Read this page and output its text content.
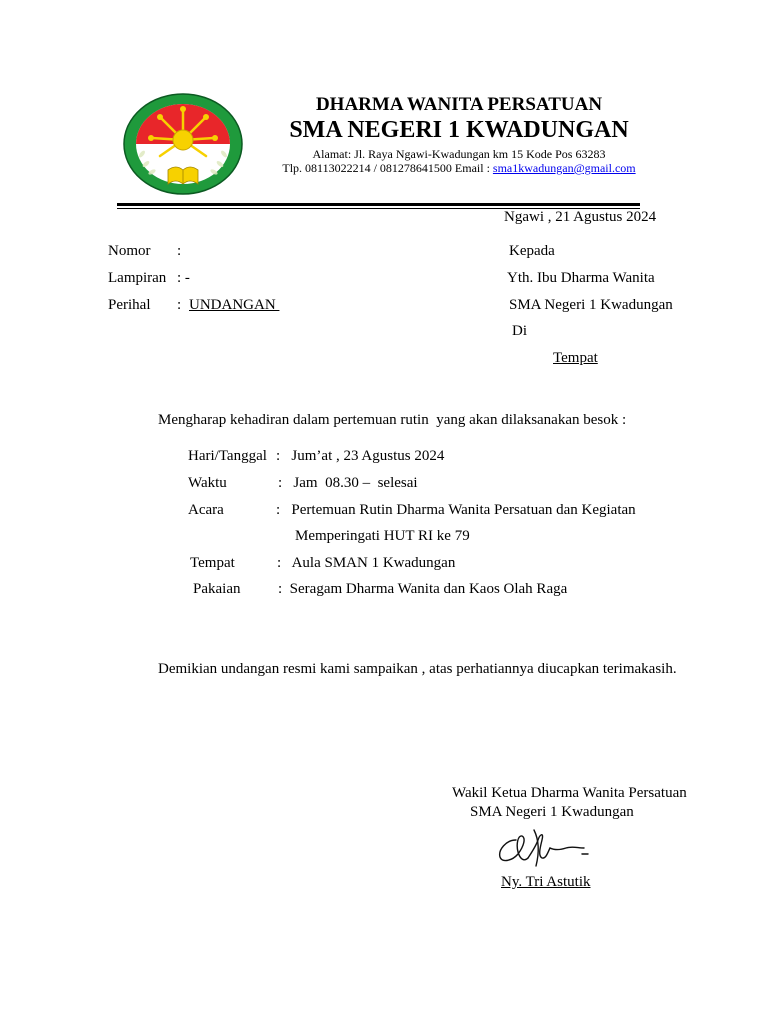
DHARMA WANITA PERSATUAN
SMA NEGERI 1 KWADUNGAN
Alamat: Jl. Raya Ngawi-Kwadungan km 15 Kode Pos 63283
Tlp. 08113022214 / 081278641500 Email : sma1kwadungan@gmail.com
Ngawi , 21 Agustus 2024
Nomor :
Lampiran : -
Perihal : UNDANGAN
Kepada
Yth. Ibu Dharma Wanita
SMA Negeri 1 Kwadungan
Di
Tempat
Mengharap kehadiran dalam pertemuan rutin  yang akan dilaksanakan besok :
Hari/Tanggal :   Jum’at , 23 Agustus 2024
Waktu	:   Jam  08.30 –  selesai
Acara	:   Pertemuan Rutin Dharma Wanita Persatuan dan Kegiatan
Memperingati HUT RI ke 79
Tempat	:   Aula SMAN 1 Kwadungan
Pakaian	:  Seragam Dharma Wanita dan Kaos Olah Raga
Demikian undangan resmi kami sampaikan , atas perhatiannya diucapkan terimakasih.
Wakil Ketua Dharma Wanita Persatuan
SMA Negeri 1 Kwadungan
Ny. Tri Astutik
